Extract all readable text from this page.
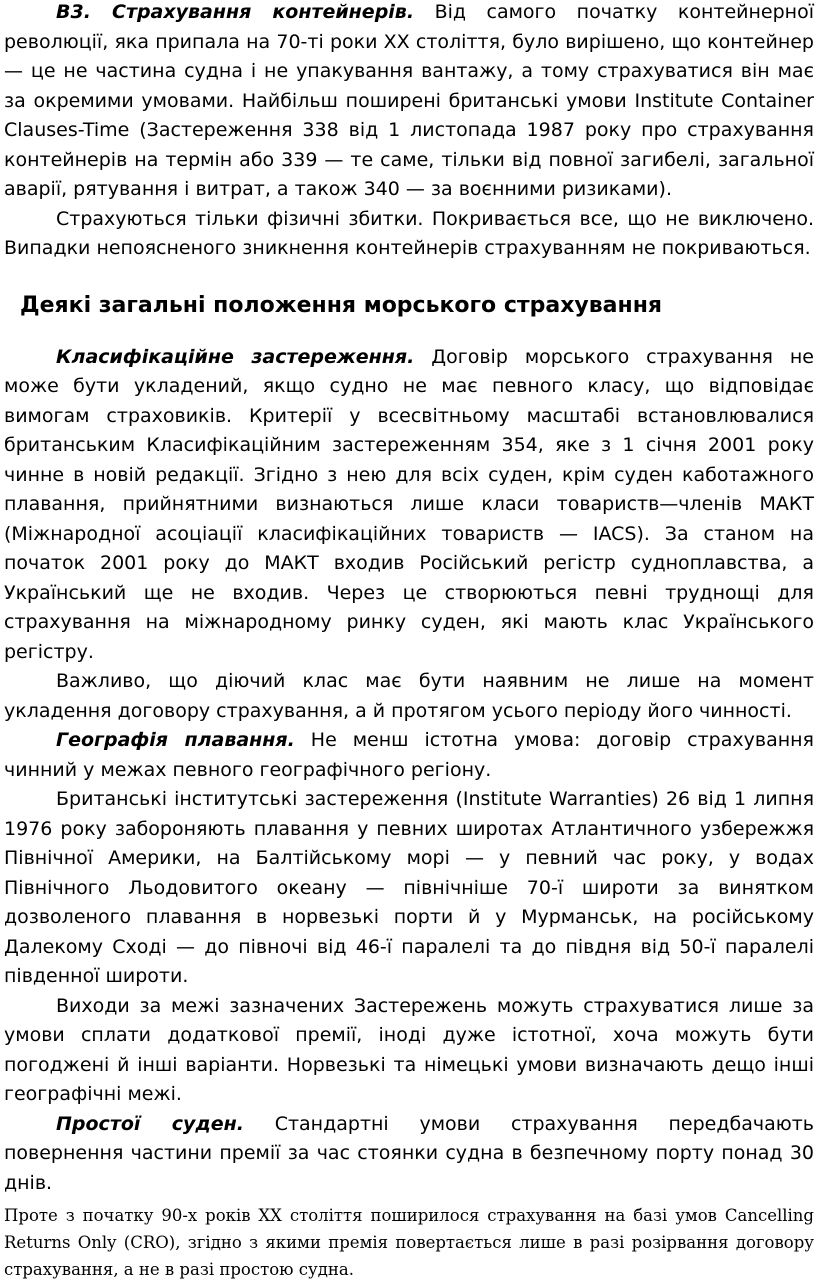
В3. Страхування контейнерів. Від самого початку контейнерної революції, яка припала на 70-ті роки ХХ століття, було вирішено, що контейнер — це не частина судна і не упакування вантажу, а тому страхуватися він має за окремими умовами. Найбільш поширені британські умови Institute Container Clauses-Time (Застереження 338 від 1 листопада 1987 року про страхування контейнерів на термін або 339 — те саме, тільки від повної загибелі, загальної аварії, рятування і витрат, а також 340 — за воєнними ризиками).

Страхуються тільки фізичні збитки. Покривається все, що не виключено. Випадки непоясненого зникнення контейнерів страхуванням не покриваються.

Деякі загальні положення морського страхування

Класифікаційне застереження. Договір морського страхування не може бути укладений, якщо судно не має певного класу, що відповідає вимогам страховиків. Критерії у всесвітньому масштабі встановлювалися британським Класифікаційним застереженням 354, яке з 1 січня 2001 року чинне в новій редакції. Згідно з нею для всіх суден, крім суден каботажного плавання, прийнятними визнаються лише класи товариств—членів МАКТ (Міжнародної асоціації класифікаційних товариств — IACS). За станом на початок 2001 року до МАКТ входив Російський регістр судноплавства, а Український ще не входив. Через це створюються певні труднощі для страхування на міжнародному ринку суден, які мають клас Українського регістру.

Важливо, що діючий клас має бути наявним не лише на момент укладення договору страхування, а й протягом усього періоду його чинності.

Географія плавання. Не менш істотна умова: договір страхування чинний у межах певного географічного регіону.

Британські інститутські застереження (Institute Warranties) 26 від 1 липня 1976 року забороняють плавання у певних широтах Атлантичного узбережжя Північної Америки, на Балтійському морі — у певний час року, у водах Північного Льодовитого океану — північніше 70-ї широти за винятком дозволеного плавання в норвезькі порти й у Мурманськ, на російському Далекому Сході — до півночі від 46-ї паралелі та до півдня від 50-ї паралелі південної широти.

Виходи за межі зазначених Застережень можуть страхуватися лише за умови сплати додаткової премії, іноді дуже істотної, хоча можуть бути погоджені й інші варіанти. Норвезькі та німецькі умови визначають дещо інші географічні межі.

Простої суден. Стандартні умови страхування передбачають повернення частини премії за час стоянки судна в безпечному порту понад 30 днів.

Проте з початку 90-х років ХХ століття поширилося страхування на базі умов Cancelling Returns Only (CRO), згідно з якими премія повертається лише в разі розірвання договору страхування, а не в разі простою судна.
